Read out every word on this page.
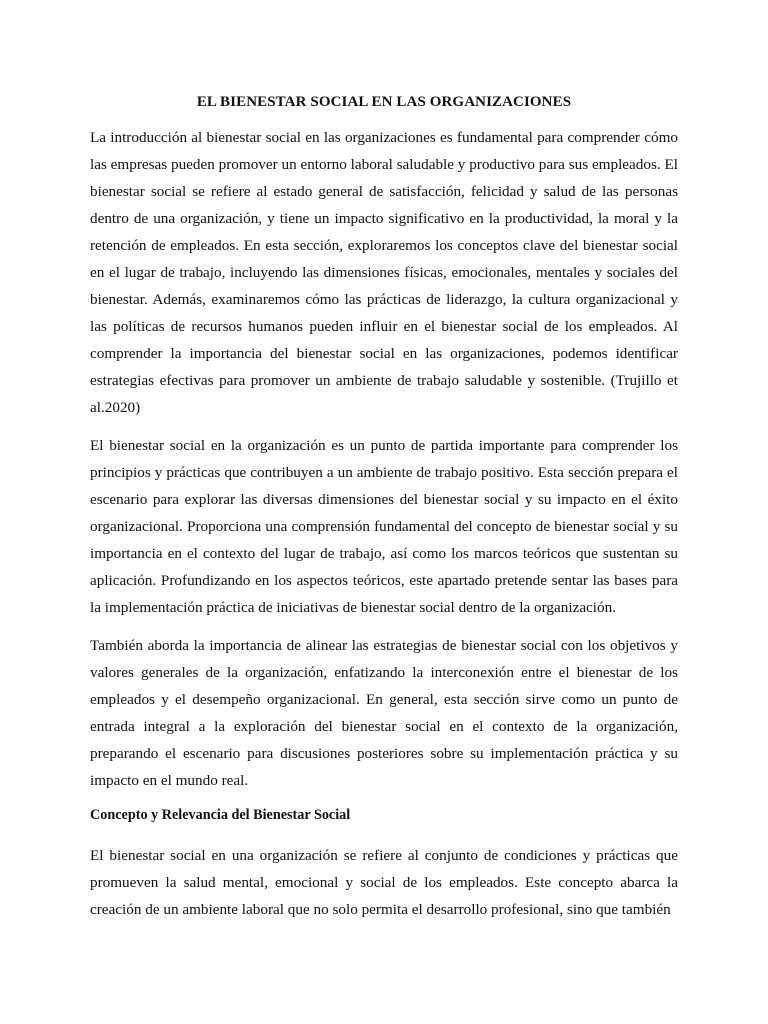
EL BIENESTAR SOCIAL EN LAS ORGANIZACIONES

La introducción al bienestar social en las organizaciones es fundamental para comprender cómo las empresas pueden promover un entorno laboral saludable y productivo para sus empleados. El bienestar social se refiere al estado general de satisfacción, felicidad y salud de las personas dentro de una organización, y tiene un impacto significativo en la productividad, la moral y la retención de empleados. En esta sección, exploraremos los conceptos clave del bienestar social en el lugar de trabajo, incluyendo las dimensiones físicas, emocionales, mentales y sociales del bienestar. Además, examinaremos cómo las prácticas de liderazgo, la cultura organizacional y las políticas de recursos humanos pueden influir en el bienestar social de los empleados. Al comprender la importancia del bienestar social en las organizaciones, podemos identificar estrategias efectivas para promover un ambiente de trabajo saludable y sostenible. (Trujillo et al.2020)

El bienestar social en la organización es un punto de partida importante para comprender los principios y prácticas que contribuyen a un ambiente de trabajo positivo. Esta sección prepara el escenario para explorar las diversas dimensiones del bienestar social y su impacto en el éxito organizacional. Proporciona una comprensión fundamental del concepto de bienestar social y su importancia en el contexto del lugar de trabajo, así como los marcos teóricos que sustentan su aplicación. Profundizando en los aspectos teóricos, este apartado pretende sentar las bases para la implementación práctica de iniciativas de bienestar social dentro de la organización.

También aborda la importancia de alinear las estrategias de bienestar social con los objetivos y valores generales de la organización, enfatizando la interconexión entre el bienestar de los empleados y el desempeño organizacional. En general, esta sección sirve como un punto de entrada integral a la exploración del bienestar social en el contexto de la organización, preparando el escenario para discusiones posteriores sobre su implementación práctica y su impacto en el mundo real.

Concepto y Relevancia del Bienestar Social

El bienestar social en una organización se refiere al conjunto de condiciones y prácticas que promueven la salud mental, emocional y social de los empleados. Este concepto abarca la creación de un ambiente laboral que no solo permita el desarrollo profesional, sino que también
